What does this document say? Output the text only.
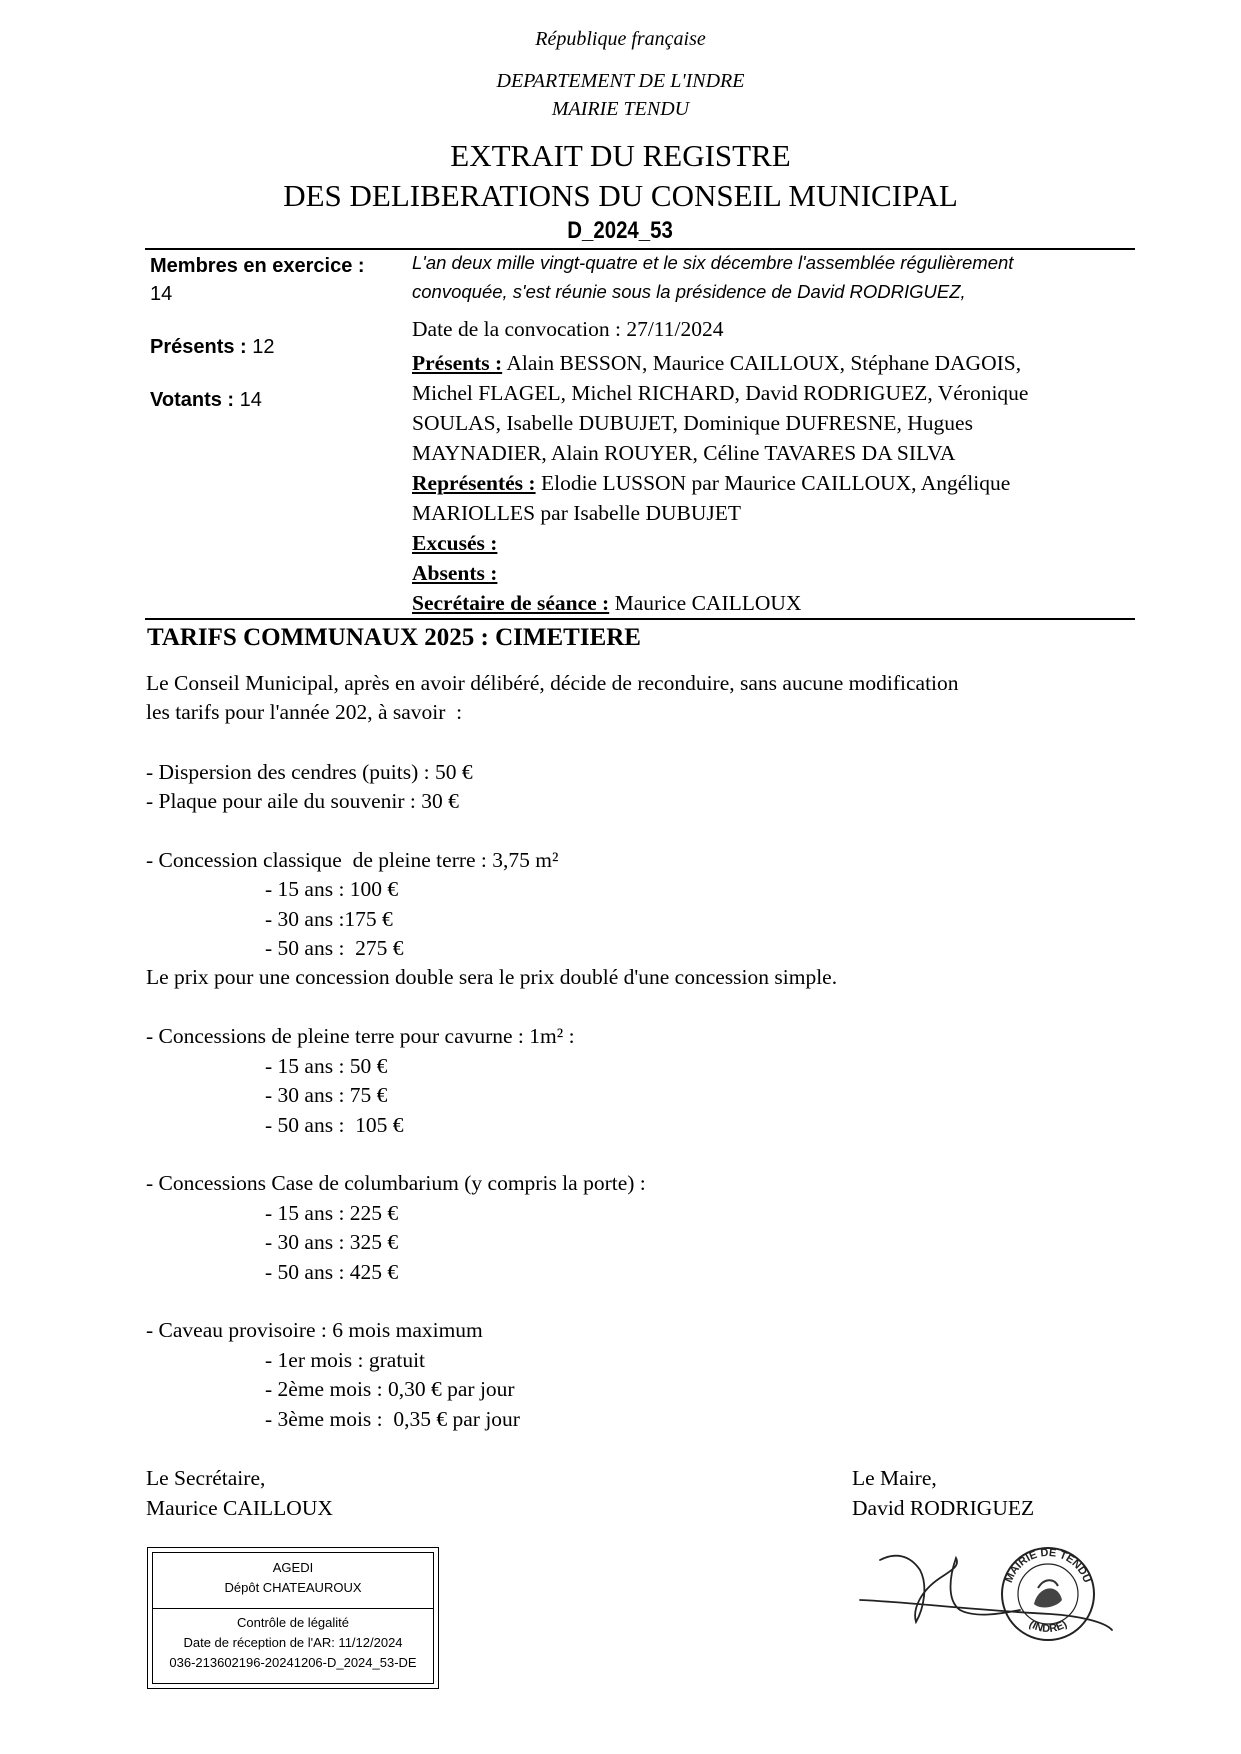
République française
DEPARTEMENT DE L'INDRE
MAIRIE TENDU
EXTRAIT DU REGISTRE
DES DELIBERATIONS DU CONSEIL MUNICIPAL
D_2024_53
Membres en exercice :
14
Présents : 12
Votants : 14
L'an deux mille vingt-quatre et le six décembre l'assemblée régulièrement
convoquée, s'est réunie sous la présidence de David RODRIGUEZ,
Date de la convocation : 27/11/2024
Présents : Alain BESSON, Maurice CAILLOUX, Stéphane DAGOIS,
Michel FLAGEL, Michel RICHARD, David RODRIGUEZ, Véronique
SOULAS, Isabelle DUBUJET, Dominique DUFRESNE, Hugues
MAYNADIER, Alain ROUYER, Céline TAVARES DA SILVA
Représentés : Elodie LUSSON par Maurice CAILLOUX, Angélique
MARIOLLES par Isabelle DUBUJET
Excusés :
Absents :
Secrétaire de séance : Maurice CAILLOUX
TARIFS COMMUNAUX 2025 : CIMETIERE
Le Conseil Municipal, après en avoir délibéré, décide de reconduire, sans aucune modification
les tarifs pour l'année 202, à savoir  :
- Dispersion des cendres (puits) : 50 €
- Plaque pour aile du souvenir : 30 €
- Concession classique  de pleine terre : 3,75 m²
- 15 ans : 100 €
- 30 ans :175 €
- 50 ans :  275 €
Le prix pour une concession double sera le prix doublé d'une concession simple.
- Concessions de pleine terre pour cavurne : 1m² :
- 15 ans : 50 €
- 30 ans : 75 €
- 50 ans :  105 €
- Concessions Case de columbarium (y compris la porte) :
- 15 ans : 225 €
- 30 ans : 325 €
- 50 ans : 425 €
- Caveau provisoire : 6 mois maximum
- 1er mois : gratuit
- 2ème mois : 0,30 € par jour
- 3ème mois :  0,35 € par jour
Le Secrétaire,
Maurice CAILLOUX
Le Maire,
David RODRIGUEZ
MAIRIE DE TENDU
(INDRE)
AGEDI
Dépôt CHATEAUROUX
Contrôle de légalité
Date de réception de l'AR: 11/12/2024
036-213602196-20241206-D_2024_53-DE
